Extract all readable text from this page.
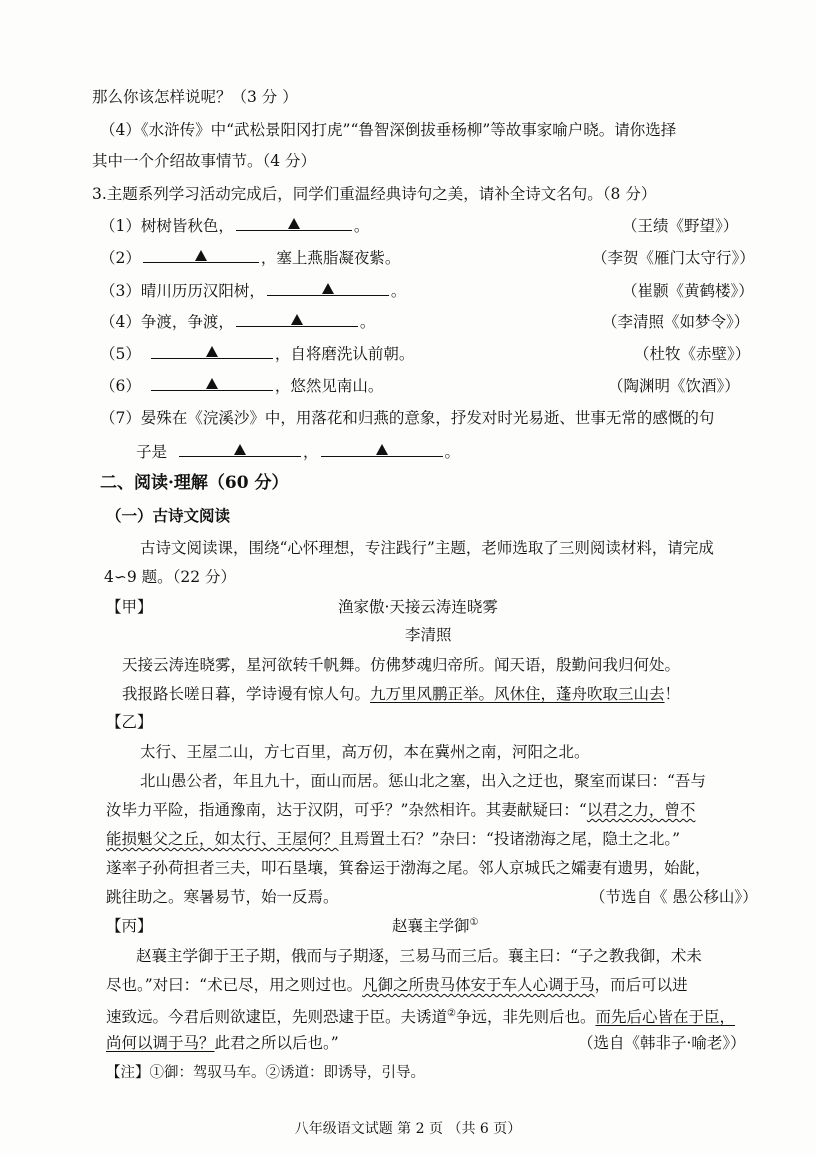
那么你该怎样说呢？（3 分 ）
（4）《水浒传》中“武松景阳冈打虎”“鲁智深倒拔垂杨柳”等故事家喻户晓。请你选择
其中一个介绍故事情节。（4 分）
3.主题系列学习活动完成后，同学们重温经典诗句之美，请补全诗文名句。（8 分）
（1）树树皆秋色，	。	（王绩《野望》）
（2）	，塞上燕脂凝夜紫。	（李贺《雁门太守行》）
（3）晴川历历汉阳树，	。	（崔颢《黄鹤楼》）
（4）争渡，争渡，	。	（李清照《如梦令》）
（5）	，自将磨洗认前朝。	（杜牧《赤壁》）
（6）	，悠然见南山。	（陶渊明《饮酒》）
（7）晏殊在《浣溪沙》中，用落花和归燕的意象，抒发对时光易逝、世事无常的感慨的句
子是	，	。
二、阅读·理解（60 分）
（一）古诗文阅读
古诗文阅读课，围绕“心怀理想，专注践行”主题，老师选取了三则阅读材料，请完成
4∽9 题。（22 分）
【甲】	渔家傲·天接云涛连晓雾
李清照
天接云涛连晓雾，星河欲转千帆舞。仿佛梦魂归帝所。闻天语，殷勤问我归何处。
我报路长嗟日暮，学诗谩有惊人句。九万里风鹏正举。风休住，蓬舟吹取三山去！
【乙】
太行、王屋二山，方七百里，高万仞，本在冀州之南，河阳之北。
北山愚公者，年且九十，面山而居。惩山北之塞，出入之迂也，聚室而谋曰：“吾与
汝毕力平险，指通豫南，达于汉阴，可乎？”杂然相许。其妻献疑曰：“以君之力，曾不
能损魁父之丘，如太行、王屋何？且焉置土石？”杂曰：“投诸渤海之尾，隐土之北。”
遂率子孙荷担者三夫，叩石垦壤，箕畚运于渤海之尾。邻人京城氏之孀妻有遗男，始龀，
跳往助之。寒暑易节，始一反焉。	（节选自《 愚公移山》）
【丙】	赵襄主学御①
赵襄主学御于王子期，俄而与子期逐，三易马而三后。襄主曰：“子之教我御，术未
尽也。”对曰：“术已尽，用之则过也。凡御之所贵马体安于车人心调于马，而后可以进
速致远。今君后则欲逮臣，先则恐逮于臣。夫诱道②争远，非先则后也。而先后心皆在于臣，
尚何以调于马？此君之所以后也。”	（选自《韩非子·喻老》）
【注】①御：驾驭马车。②诱道：即诱导，引导。
八年级语文试题 第 2 页 （共 6 页）
